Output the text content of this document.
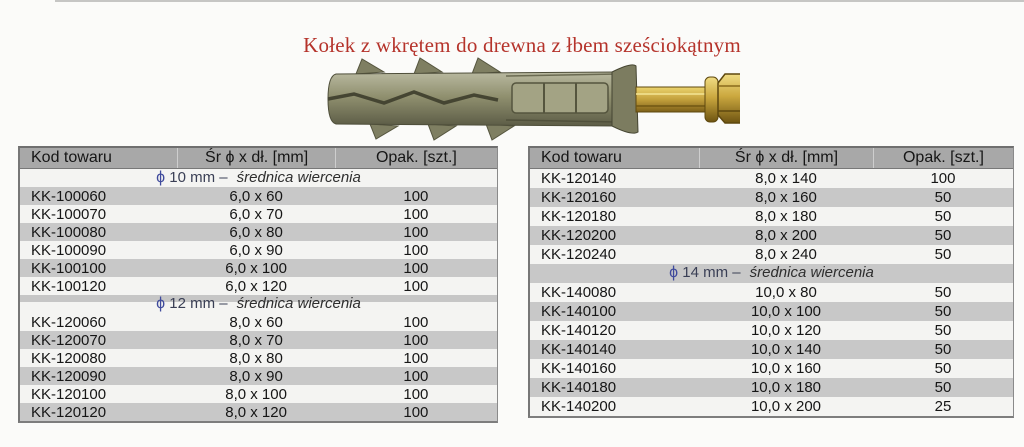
Kołek z wkrętem do drewna z łbem sześciokątnym
Kod towaru	Śr ϕ x dł. [mm]	Opak. [szt.]
ϕ 10 mm – średnica wiercenia
KK-100060	6,0 x 60	100
KK-100070	6,0 x 70	100
KK-100080	6,0 x 80	100
KK-100090	6,0 x 90	100
KK-100100	6,0 x 100	100
KK-100120	6,0 x 120	100
ϕ 12 mm – średnica wiercenia
KK-120060	8,0 x 60	100
KK-120070	8,0 x 70	100
KK-120080	8,0 x 80	100
KK-120090	8,0 x 90	100
KK-120100	8,0 x 100	100
KK-120120	8,0 x 120	100
Kod towaru	Śr ϕ x dł. [mm]	Opak. [szt.]
KK-120140	8,0 x 140	100
KK-120160	8,0 x 160	50
KK-120180	8,0 x 180	50
KK-120200	8,0 x 200	50
KK-120240	8,0 x 240	50
ϕ 14 mm – średnica wiercenia
KK-140080	10,0 x 80	50
KK-140100	10,0 x 100	50
KK-140120	10,0 x 120	50
KK-140140	10,0 x 140	50
KK-140160	10,0 x 160	50
KK-140180	10,0 x 180	50
KK-140200	10,0 x 200	25
